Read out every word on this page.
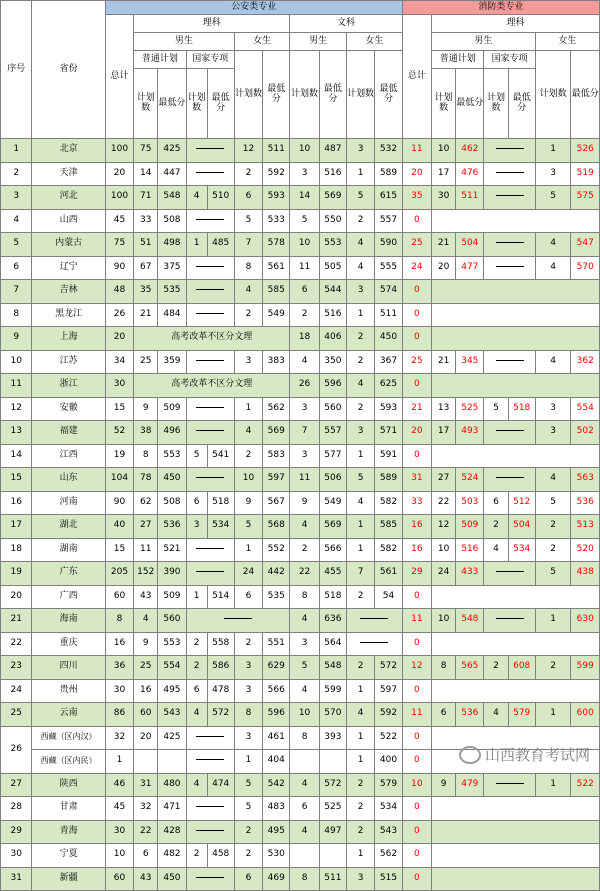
序号	省份	公安类专业											消防类专业						
		总计	理科						文科				总计	理科					
			男生				女生		男生		女生			男生				女生	
			普通计划		国家专项		计划数	最低分	计划数	最低分	计划数	最低分		普通计划		国家专项		计划数	最低分
			计划数	最低分	计划数	最低分								计划数	最低分	计划数	最低分		
1	北京	100	75	425			12	511	10	487	3	532	11	10	462			1	526
2	天津	20	14	447			2	592	3	516	1	589	20	17	476			3	519
3	河北	100	71	548	4	510	6	593	14	569	5	615	35	30	511			5	575
4	山西	45	33	508			5	533	5	550	2	557	0						
5	内蒙古	75	51	498	1	485	7	578	10	553	4	590	25	21	504			4	547
6	辽宁	90	67	375			8	561	11	505	4	555	24	20	477			4	570
7	吉林	48	35	535			4	585	6	544	3	574	0						
8	黑龙江	26	21	484			2	549	2	516	1	511	0						
9	上海	20	高考改革不区分文理						18	406	2	450	0						
10	江苏	34	25	359			3	383	4	350	2	367	25	21	345			4	362
11	浙江	30	高考改革不区分文理						26	596	4	625	0						
12	安徽	15	9	509			1	562	3	560	2	593	21	13	525	5	518	3	554
13	福建	52	38	496			4	569	7	557	3	571	20	17	493			3	502
14	江西	19	8	553	5	541	2	583	3	577	1	591	0						
15	山东	104	78	450			10	597	11	506	5	589	31	27	524			4	563
16	河南	90	62	508	6	518	9	567	9	549	4	582	33	22	503	6	512	5	536
17	湖北	40	27	536	3	534	5	568	4	569	1	585	16	12	509	2	504	2	513
18	湖南	15	11	521			1	552	2	566	1	582	16	10	516	4	534	2	520
19	广东	205	152	390			24	442	22	455	7	561	29	24	433			5	438
20	广西	60	43	509	1	514	6	535	8	518	2	54	0						
21	海南	8	4	560					4	636			11	10	548			1	630
22	重庆	16	9	553	2	558	2	551	3	564			0						
23	四川	36	25	554	2	586	3	629	5	548	2	572	12	8	565	2	608	2	599
24	贵州	30	16	495	6	478	3	566	4	599	1	597	0						
25	云南	86	60	543	4	572	8	596	10	570	4	592	11	6	536	4	579	1	600
26	西藏（区内汉）	32	20	425			3	461	8	393	1	522	0						
	西藏（区内民）	1					1	404			1	400	0						
27	陕西	46	31	480	4	474	5	542	4	572	2	579	10	9	479			1	522
28	甘肃	45	32	471			5	483	6	525	2	534	0						
29	青海	30	22	428			2	495	4	497	2	543	0						
30	宁夏	10	6	482	2	458	2	530			1	562	0						
31	新疆	60	43	450			6	469	8	511	3	515	0						
山西教育考试网
